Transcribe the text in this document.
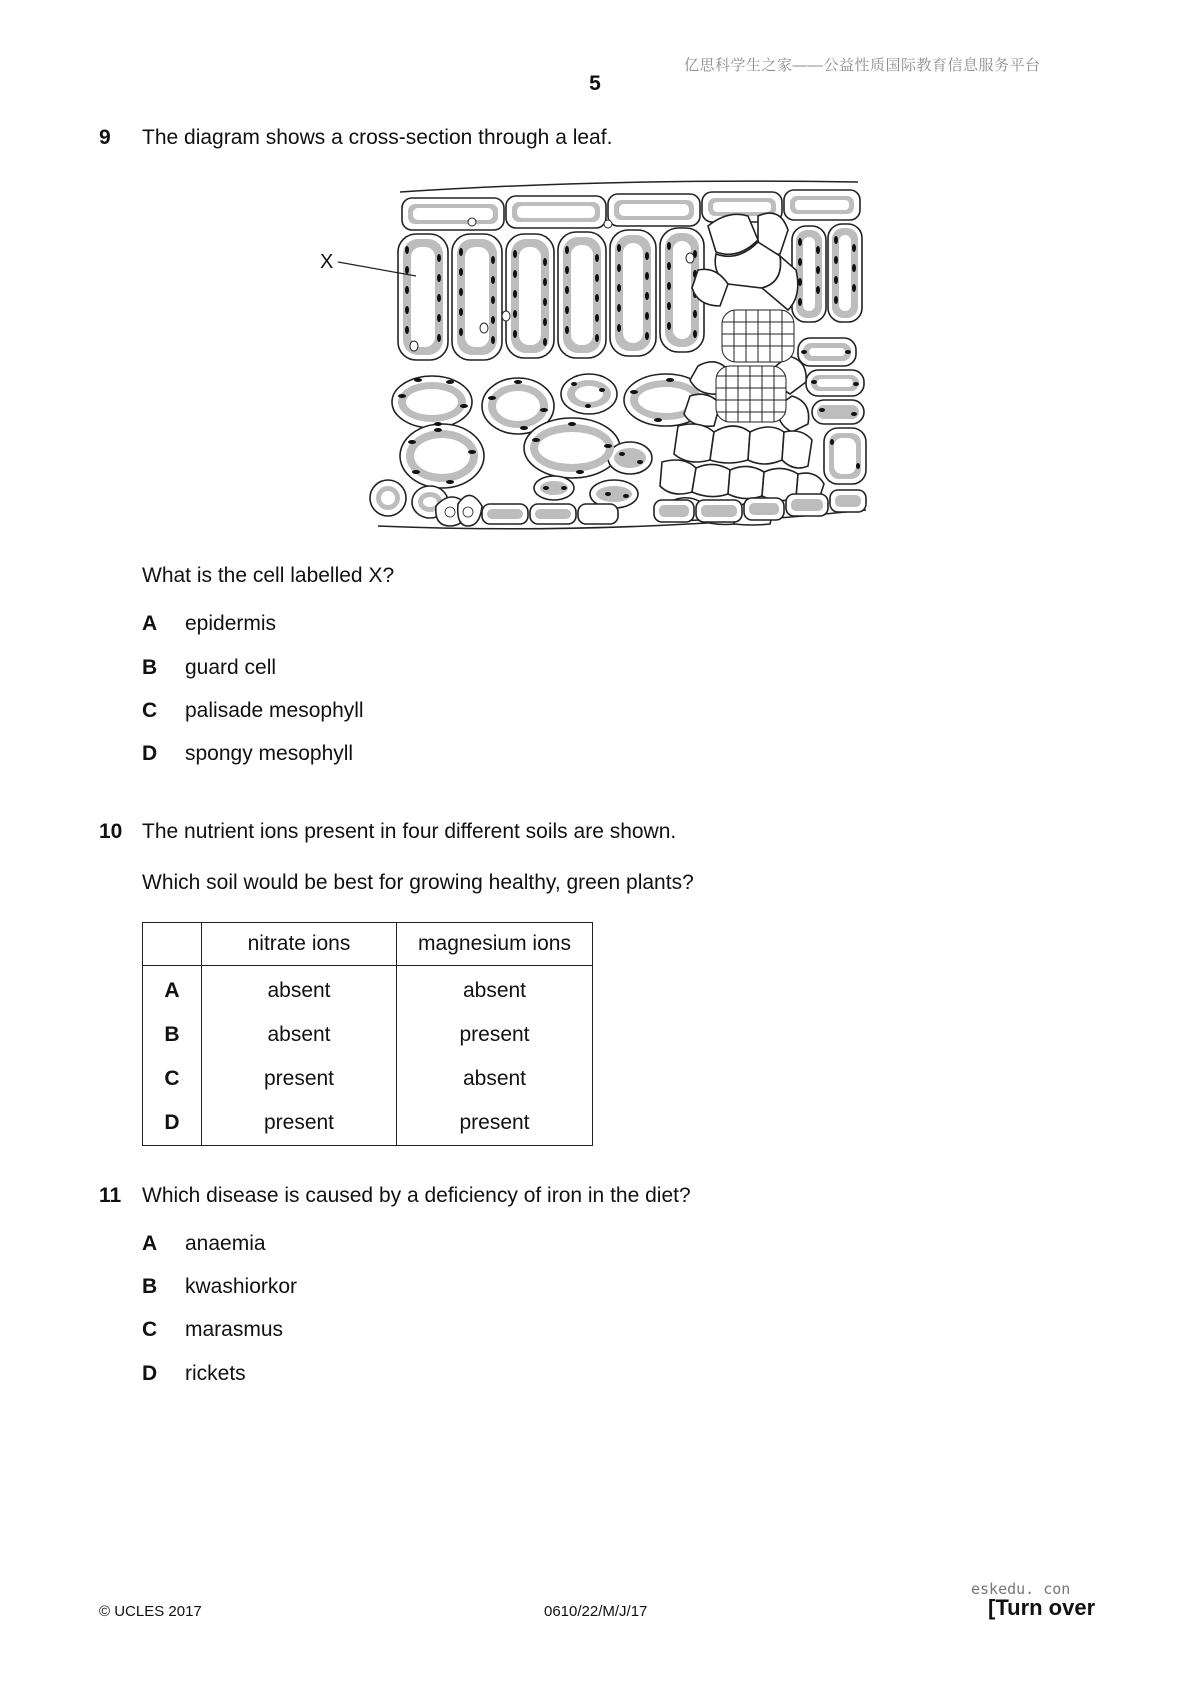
亿思科学生之家——公益性质国际教育信息服务平台
5
9 The diagram shows a cross-section through a leaf.
X
What is the cell labelled X?
A epidermis
B guard cell
C palisade mesophyll
D spongy mesophyll
10 The nutrient ions present in four different soils are shown.
Which soil would be best for growing healthy, green plants?
	nitrate ions	magnesium ions
A	absent	absent
B	absent	present
C	present	absent
D	present	present
11 Which disease is caused by a deficiency of iron in the diet?
A anaemia
B kwashiorkor
C marasmus
D rickets
© UCLES 2017	0610/22/M/J/17
eskedu. con
[Turn over
